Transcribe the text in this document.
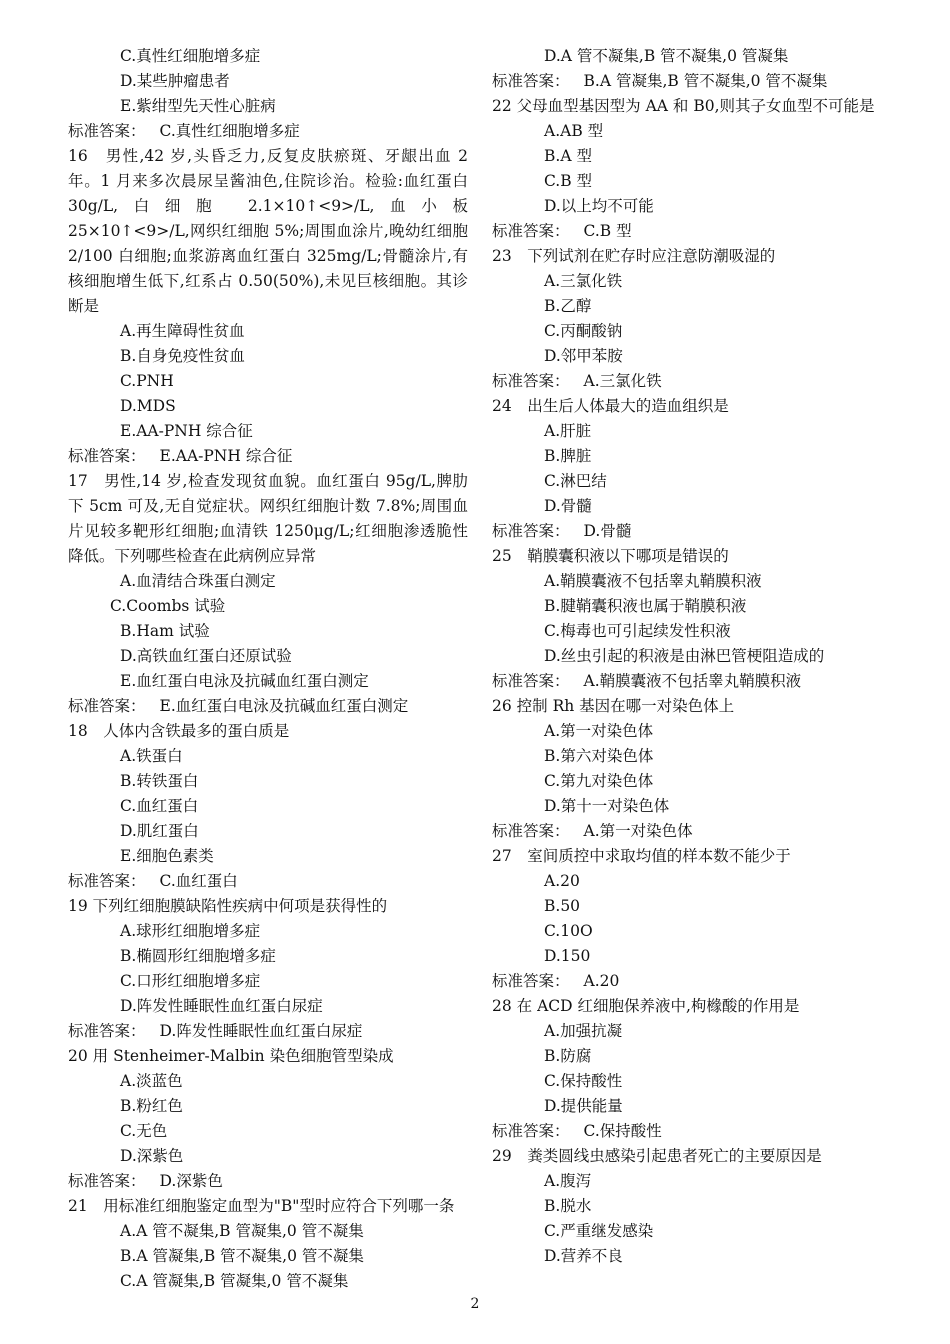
C.真性红细胞增多症
D.某些肿瘤患者
E.紫绀型先天性心脏病
标准答案： C.真性红细胞增多症
16　男性,42 岁,头昏乏力,反复皮肤瘀斑、牙龈出血 2 年。1 月来多次晨尿呈酱油色,住院诊治。检验:血红蛋白 30g/L,白细胞 2.1×10↑<9>/L,血小板 25×10↑<9>/L,网织红细胞 5%;周围血涂片,晚幼红细胞 2/100 白细胞;血浆游离血红蛋白 325mg/L;骨髓涂片,有核细胞增生低下,红系占 0.50(50%),未见巨核细胞。其诊断是
A.再生障碍性贫血
B.自身免疫性贫血
C.PNH
D.MDS
E.AA-PNH 综合征
标准答案： E.AA-PNH 综合征
17　男性,14 岁,检查发现贫血貌。血红蛋白 95g/L,脾肋下 5cm 可及,无自觉症状。网织红细胞计数 7.8%;周围血片见较多靶形红细胞;血清铁 1250μg/L;红细胞渗透脆性降低。下列哪些检查在此病例应异常
A.血清结合珠蛋白测定
C.Coombs 试验
B.Ham 试验
D.高铁血红蛋白还原试验
E.血红蛋白电泳及抗碱血红蛋白测定
标准答案： E.血红蛋白电泳及抗碱血红蛋白测定
18　人体内含铁最多的蛋白质是
A.铁蛋白
B.转铁蛋白
C.血红蛋白
D.肌红蛋白
E.细胞色素类
标准答案： C.血红蛋白
19 下列红细胞膜缺陷性疾病中何项是获得性的
A.球形红细胞增多症
B.椭圆形红细胞增多症
C.口形红细胞增多症
D.阵发性睡眠性血红蛋白尿症
标准答案： D.阵发性睡眠性血红蛋白尿症
20 用 Stenheimer-Malbin 染色细胞管型染成
A.淡蓝色
B.粉红色
C.无色
D.深紫色
标准答案： D.深紫色
21　用标准红细胞鉴定血型为"B"型时应符合下列哪一条
A.A 管不凝集,B 管凝集,0 管不凝集
B.A 管凝集,B 管不凝集,0 管不凝集
C.A 管凝集,B 管凝集,0 管不凝集
D.A 管不凝集,B 管不凝集,0 管凝集
标准答案： B.A 管凝集,B 管不凝集,0 管不凝集
22 父母血型基因型为 AA 和 B0,则其子女血型不可能是
A.AB 型
B.A 型
C.B 型
D.以上均不可能
标准答案： C.B 型
23　下列试剂在贮存时应注意防潮吸湿的
A.三氯化铁
B.乙醇
C.丙酮酸钠
D.邻甲苯胺
标准答案： A.三氯化铁
24　出生后人体最大的造血组织是
A.肝脏
B.脾脏
C.淋巴结
D.骨髓
标准答案： D.骨髓
25　鞘膜囊积液以下哪项是错误的
A.鞘膜囊液不包括睾丸鞘膜积液
B.腱鞘囊积液也属于鞘膜积液
C.梅毒也可引起续发性积液
D.丝虫引起的积液是由淋巴管梗阻造成的
标准答案： A.鞘膜囊液不包括睾丸鞘膜积液
26 控制 Rh 基因在哪一对染色体上
A.第一对染色体
B.第六对染色体
C.第九对染色体
D.第十一对染色体
标准答案： A.第一对染色体
27　室间质控中求取均值的样本数不能少于
A.20
B.50
C.10O
D.150
标准答案： A.20
28 在 ACD 红细胞保养液中,枸橼酸的作用是
A.加强抗凝
B.防腐
C.保持酸性
D.提供能量
标准答案： C.保持酸性
29　粪类圆线虫感染引起患者死亡的主要原因是
A.腹泻
B.脱水
C.严重继发感染
D.营养不良
2
